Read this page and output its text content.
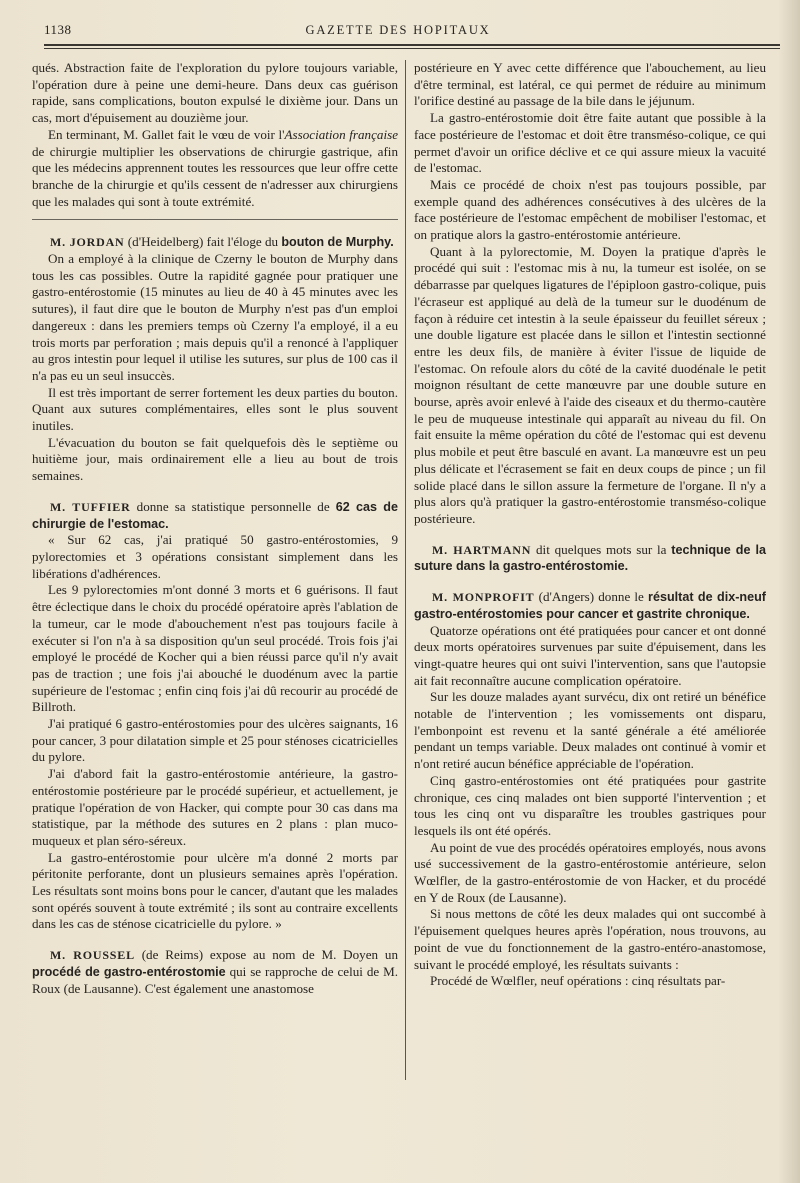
1138	GAZETTE DES HOPITAUX

qués. Abstraction faite de l'exploration du pylore toujours variable, l'opération dure à peine une demi-heure. Dans deux cas guérison rapide, sans complications, bouton expulsé le dixième jour. Dans un cas, mort d'épuisement au douzième jour.

En terminant, M. Gallet fait le vœu de voir l'Association française de chirurgie multiplier les observations de chirurgie gastrique, afin que les médecins apprennent toutes les ressources que leur offre cette branche de la chirurgie et qu'ils cessent de n'adresser aux chirurgiens que les malades qui sont à toute extrémité.

M. JORDAN (d'Heidelberg) fait l'éloge du bouton de Murphy.

On a employé à la clinique de Czerny le bouton de Murphy dans tous les cas possibles. Outre la rapidité gagnée pour pratiquer une gastro-entérostomie (15 minutes au lieu de 40 à 45 minutes avec les sutures), il faut dire que le bouton de Murphy n'est pas d'un emploi dangereux : dans les premiers temps où Czerny l'a employé, il a eu trois morts par perforation ; mais depuis qu'il a renoncé à l'appliquer au gros intestin pour lequel il utilise les sutures, sur plus de 100 cas il n'a pas eu un seul insuccès.

Il est très important de serrer fortement les deux parties du bouton. Quant aux sutures complémentaires, elles sont le plus souvent inutiles.

L'évacuation du bouton se fait quelquefois dès le septième ou huitième jour, mais ordinairement elle a lieu au bout de trois semaines.

M. TUFFIER donne sa statistique personnelle de 62 cas de chirurgie de l'estomac.

« Sur 62 cas, j'ai pratiqué 50 gastro-entérostomies, 9 pylorectomies et 3 opérations consistant simplement dans les libérations d'adhérences.

Les 9 pylorectomies m'ont donné 3 morts et 6 guérisons. Il faut être éclectique dans le choix du procédé opératoire après l'ablation de la tumeur, car le mode d'abouchement n'est pas toujours facile à exécuter si l'on n'a à sa disposition qu'un seul procédé. Trois fois j'ai employé le procédé de Kocher qui a bien réussi parce qu'il n'y avait pas de traction ; une fois j'ai abouché le duodénum avec la partie supérieure de l'estomac ; enfin cinq fois j'ai dû recourir au procédé de Billroth.

J'ai pratiqué 6 gastro-entérostomies pour des ulcères saignants, 16 pour cancer, 3 pour dilatation simple et 25 pour sténoses cicatricielles du pylore.

J'ai d'abord fait la gastro-entérostomie antérieure, la gastro-entérostomie postérieure par le procédé supérieur, et actuellement, je pratique l'opération de von Hacker, qui compte pour 30 cas dans ma statistique, par la méthode des sutures en 2 plans : plan muco-muqueux et plan séro-séreux.

La gastro-entérostomie pour ulcère m'a donné 2 morts par péritonite perforante, dont un plusieurs semaines après l'opération. Les résultats sont moins bons pour le cancer, d'autant que les malades sont opérés souvent à toute extrémité ; ils sont au contraire excellents dans les cas de sténose cicatricielle du pylore. »

M. ROUSSEL (de Reims) expose au nom de M. Doyen un procédé de gastro-entérostomie qui se rapproche de celui de M. Roux (de Lausanne). C'est également une anastomose

postérieure en Y avec cette différence que l'abouchement, au lieu d'être terminal, est latéral, ce qui permet de réduire au minimum l'orifice destiné au passage de la bile dans le jéjunum.

La gastro-entérostomie doit être faite autant que possible à la face postérieure de l'estomac et doit être transméso-colique, ce qui permet d'avoir un orifice déclive et ce qui assure mieux la vacuité de l'estomac.

Mais ce procédé de choix n'est pas toujours possible, par exemple quand des adhérences consécutives à des ulcères de la face postérieure de l'estomac empêchent de mobiliser l'estomac, et on pratique alors la gastro-entérostomie antérieure.

Quant à la pylorectomie, M. Doyen la pratique d'après le procédé qui suit : l'estomac mis à nu, la tumeur est isolée, on se débarrasse par quelques ligatures de l'épiploon gastro-colique, puis l'écraseur est appliqué au delà de la tumeur sur le duodénum de façon à réduire cet intestin à la seule épaisseur du feuillet séreux ; une double ligature est placée dans le sillon et l'intestin sectionné entre les deux fils, de manière à éviter l'issue de liquide de l'estomac. On refoule alors du côté de la cavité duodénale le petit moignon résultant de cette manœuvre par une double suture en bourse, après avoir enlevé à l'aide des ciseaux et du thermo-cautère le peu de muqueuse intestinale qui apparaît au niveau du fil. On fait ensuite la même opération du côté de l'estomac qui est devenu plus mobile et peut être basculé en avant. La manœuvre est un peu plus délicate et l'écrasement se fait en deux coups de pince ; un fil solide placé dans le sillon assure la fermeture de l'organe. Il n'y a plus alors qu'à pratiquer la gastro-entérostomie transméso-colique postérieure.

M. HARTMANN dit quelques mots sur la technique de la suture dans la gastro-entérostomie.

M. MONPROFIT (d'Angers) donne le résultat de dix-neuf gastro-entérostomies pour cancer et gastrite chronique.

Quatorze opérations ont été pratiquées pour cancer et ont donné deux morts opératoires survenues par suite d'épuisement, dans les vingt-quatre heures qui ont suivi l'intervention, sans que l'autopsie ait fait reconnaître aucune complication opératoire.

Sur les douze malades ayant survécu, dix ont retiré un bénéfice notable de l'intervention ; les vomissements ont disparu, l'embonpoint est revenu et la santé générale a été améliorée pendant un temps variable. Deux malades ont continué à vomir et n'ont retiré aucun bénéfice appréciable de l'opération.

Cinq gastro-entérostomies ont été pratiquées pour gastrite chronique, ces cinq malades ont bien supporté l'intervention ; et tous les cinq ont vu disparaître les troubles gastriques pour lesquels ils ont été opérés.

Au point de vue des procédés opératoires employés, nous avons usé successivement de la gastro-entérostomie antérieure, selon Wœlfler, de la gastro-entérostomie de von Hacker, et du procédé en Y de Roux (de Lausanne).

Si nous mettons de côté les deux malades qui ont succombé à l'épuisement quelques heures après l'opération, nous trouvons, au point de vue du fonctionnement de la gastro-entéro-anastomose, suivant le procédé employé, les résultats suivants :

Procédé de Wœlfler, neuf opérations : cinq résultats par-
